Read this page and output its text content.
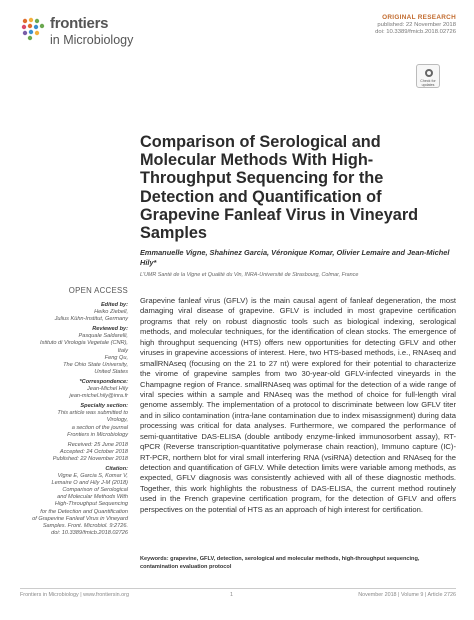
frontiers
in Microbiology
ORIGINAL RESEARCH
published: 22 November 2018
doi: 10.3389/fmicb.2018.02726
Check for updates
Comparison of Serological and Molecular Methods With High-Throughput Sequencing for the Detection and Quantification of Grapevine Fanleaf Virus in Vineyard Samples
Emmanuelle Vigne, Shahinez Garcia, Véronique Komar, Olivier Lemaire and Jean-Michel Hily*
L'UMR Santé de la Vigne et Qualité du Vin, INRA-Université de Strasbourg, Colmar, France
OPEN ACCESS
Edited by:
Heiko Ziebell,
Julius Kühn-Institut, Germany
Reviewed by:
Pasquale Saldarelli,
Istituto di Virologia Vegetale (CNR),
Italy
Feng Qu,
The Ohio State University,
United States
*Correspondence:
Jean-Michel Hily
jean-michel.hily@inra.fr
Specialty section:
This article was submitted to
Virology,
a section of the journal
Frontiers in Microbiology
Received: 25 June 2018
Accepted: 24 October 2018
Published: 22 November 2018
Citation:
Vigne E, Garcia S, Komar V,
Lemaire O and Hily J-M (2018)
Comparison of Serological
and Molecular Methods With
High-Throughput Sequencing
for the Detection and Quantification
of Grapevine Fanleaf Virus in Vineyard
Samples. Front. Microbiol. 9:2726.
doi: 10.3389/fmicb.2018.02726
Grapevine fanleaf virus (GFLV) is the main causal agent of fanleaf degeneration, the most damaging viral disease of grapevine. GFLV is included in most grapevine certification programs that rely on robust diagnostic tools such as biological indexing, serological methods, and molecular techniques, for the identification of clean stocks. The emergence of high throughput sequencing (HTS) offers new opportunities for detecting GFLV and other viruses in grapevine accessions of interest. Here, two HTS-based methods, i.e., RNAseq and smallRNAseq (focusing on the 21 to 27 nt) were explored for their potential to characterize the virome of grapevine samples from two 30-year-old GFLV-infected vineyards in the Champagne region of France. smallRNAseq was optimal for the detection of a wide range of viral species within a sample and RNAseq was the method of choice for full-length viral genome assembly. The implementation of a protocol to discriminate between low GFLV titer and in silico contamination (intra-lane contamination due to index misassignment) during data processing was critical for data analyses. Furthermore, we compared the performance of semi-quantitative DAS-ELISA (double antibody enzyme-linked immunosorbent assay), RT-qPCR (Reverse transcription-quantitative polymerase chain reaction), Immuno capture (IC)-RT-PCR, northern blot for viral small interfering RNA (vsiRNA) detection and RNAseq for the detection and quantification of GFLV. While detection limits were variable among methods, as expected, GFLV diagnosis was consistently achieved with all of these diagnostic methods. Together, this work highlights the robustness of DAS-ELISA, the current method routinely used in the French grapevine certification program, for the detection of GFLV and offers perspectives on the potential of HTS as an approach of high interest for certification.
Keywords: grapevine, GFLV, detection, serological and molecular methods, high-throughput sequencing, contamination evaluation protocol
Frontiers in Microbiology | www.frontiersin.org	November 2018 | Volume 9 | Article 2726
1
